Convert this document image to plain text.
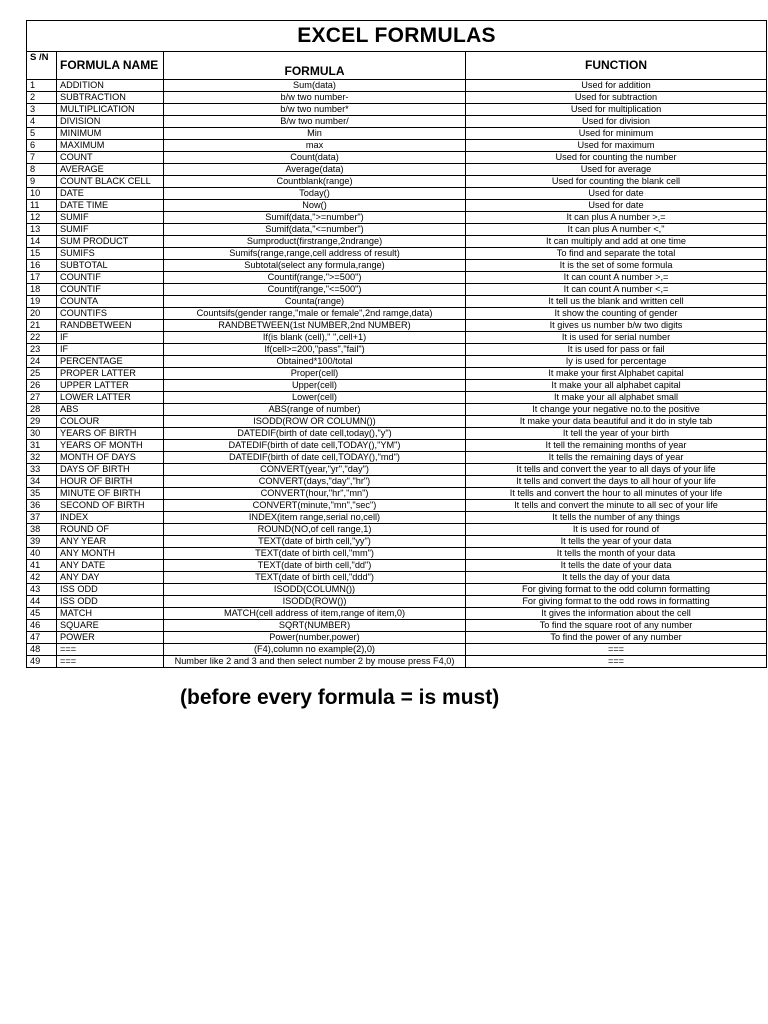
EXCEL FORMULAS			
S /N	FORMULA NAME	FORMULA	FUNCTION
1	ADDITION	Sum(data)	Used for addition
2	SUBTRACTION	b/w two number-	Used for subtraction
3	MULTIPLICATION	b/w two number*	Used for multiplication
4	DIVISION	B/w two number/	Used for division
5	MINIMUM	Min	Used for minimum
6	MAXIMUM	max	Used for maximum
7	COUNT	Count(data)	Used for counting the number
8	AVERAGE	Average(data)	Used for average
9	COUNT BLACK CELL	Countblank(range)	Used for counting the blank cell
10	DATE	Today()	Used for date
11	DATE TIME	Now()	Used for date
12	SUMIF	Sumif(data,">=number")	It can plus A number >,=
13	SUMIF	Sumif(data,"<=number")	It can plus A number <,"
14	SUM PRODUCT	Sumproduct(firstrange,2ndrange)	It can multiply and add at one time
15	SUMIFS	Sumifs(range,range,cell address of result)	To find and separate the total
16	SUBTOTAL	Subtotal(select any formula,range)	It is the set of some formula
17	COUNTIF	Countif(range,">=500")	It can count A number >,=
18	COUNTIF	Countif(range,"<=500")	It can count A number <,=
19	COUNTA	Counta(range)	It tell us the blank and written cell
20	COUNTIFS	Countsifs(gender range,"male or female",2nd ramge,data)	It show the counting of gender
21	RANDBETWEEN	RANDBETWEEN(1st NUMBER,2nd NUMBER)	It gives us number b/w two digits
22	IF	If(is blank (cell)," ",cell+1)	It is used for serial number
23	IF	If(cell>=200,"pass","fail")	It is used for pass or fail
24	PERCENTAGE	Obtained*100/total	Iy is used for percentage
25	PROPER LATTER	Proper(cell)	It make your first Alphabet capital
26	UPPER LATTER	Upper(cell)	It make your all alphabet capital
27	LOWER LATTER	Lower(cell)	It make your all alphabet small
28	ABS	ABS(range of number)	It change your negative no.to the positive
29	COLOUR	ISODD(ROW OR COLUMN())	It make your data beautiful and it do in style tab
30	YEARS OF BIRTH	DATEDIF(birth of date cell,today(),"y")	It tell the year of your birth
31	YEARS OF MONTH	DATEDIF(birth of date cell,TODAY(),"YM")	It tell the remaining months of year
32	MONTH OF DAYS	DATEDIF(birth of date cell,TODAY(),"md")	It tells the remaining days of year
33	DAYS OF BIRTH	CONVERT(year,"yr","day")	It tells and convert the year to all days of your life
34	HOUR OF BIRTH	CONVERT(days,"day","hr")	It tells and convert the days to all hour of your life
35	MINUTE OF BIRTH	CONVERT(hour,"hr","mn")	It tells and convert the hour to all minutes of your life
36	SECOND OF BIRTH	CONVERT(minute,"mn","sec")	It tells and convert the minute to all sec of your life
37	INDEX	INDEX(item range,serial no,cell)	It tells the number of any things
38	ROUND OF	ROUND(NO,of cell range,1)	It is used for round of
39	ANY YEAR	TEXT(date of birth cell,"yy")	It tells the year of your data
40	ANY MONTH	TEXT(date of birth cell,"mm")	It tells the month of your data
41	ANY DATE	TEXT(date of birth cell,"dd")	It tells the date of your data
42	ANY DAY	TEXT(date of birth cell,"ddd")	It tells the day of your data
43	ISS ODD	ISODD(COLUMN())	For giving format to the odd column formatting
44	ISS ODD	ISODD(ROW())	For giving format to the odd rows in formatting
45	MATCH	MATCH(cell address of item,range of item,0)	It gives the information about the cell
46	SQUARE	SQRT(NUMBER)	To find the square root of any number
47	POWER	Power(number,power)	To find the power of any number
48	===	(F4),column no example(2),0)	===
49	===	Number like 2 and 3 and then select number 2 by mouse press F4,0)	===
(before every formula = is must)
